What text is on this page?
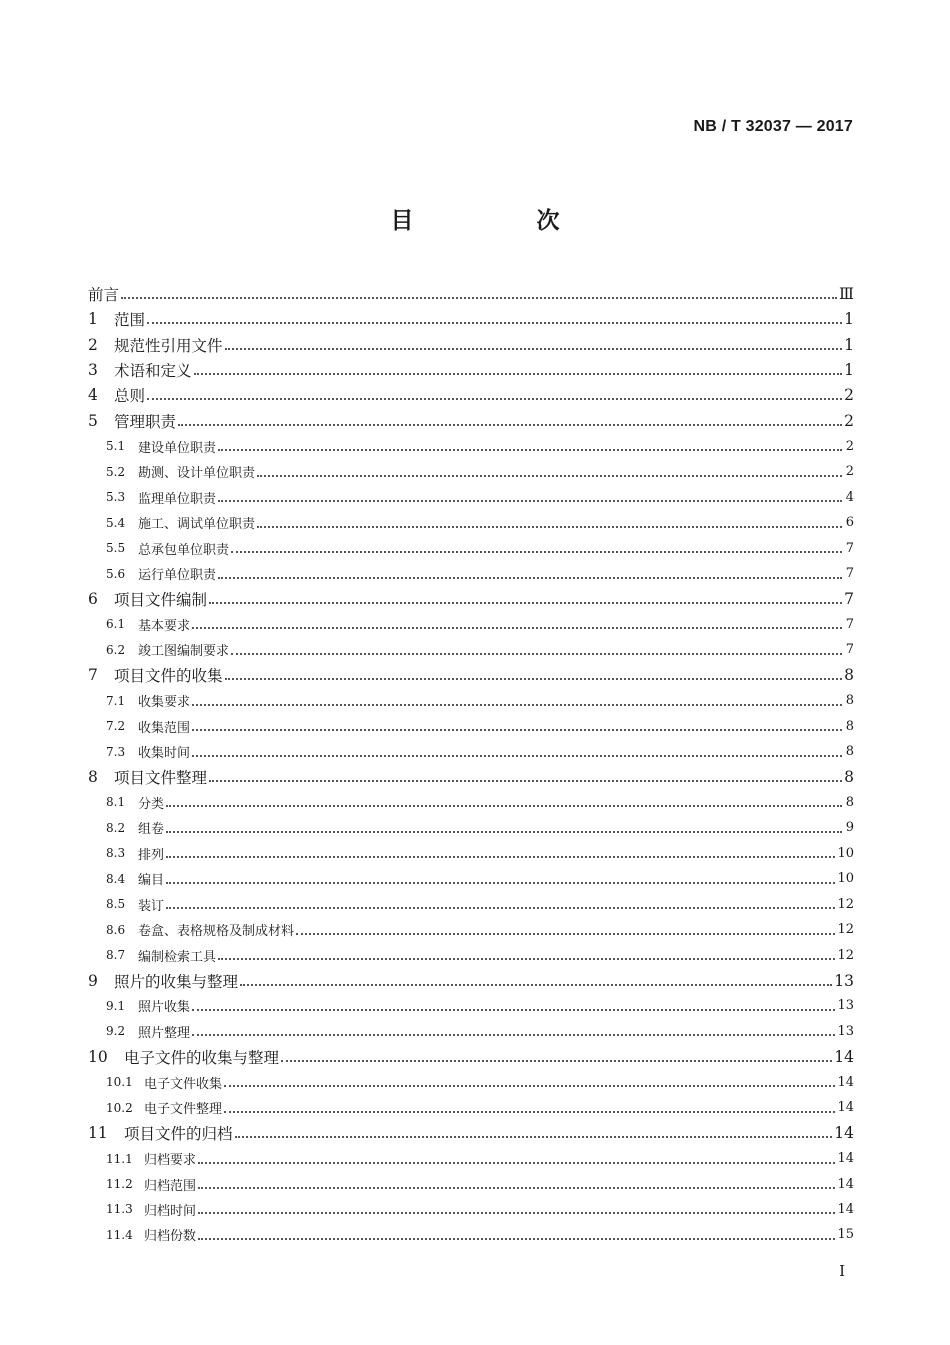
NB / T 32037 — 2017
目　次
前言	Ⅲ
1	范围	1
2	规范性引用文件	1
3	术语和定义	1
4	总则	2
5	管理职责	2
5.1 建设单位职责	2
5.2 勘测、设计单位职责	2
5.3 监理单位职责	4
5.4 施工、调试单位职责	6
5.5 总承包单位职责	7
5.6 运行单位职责	7
6	项目文件编制	7
6.1 基本要求	7
6.2 竣工图编制要求	7
7	项目文件的收集	8
7.1 收集要求	8
7.2 收集范围	8
7.3 收集时间	8
8	项目文件整理	8
8.1 分类	8
8.2 组卷	9
8.3 排列	10
8.4 编目	10
8.5 装订	12
8.6 卷盒、表格规格及制成材料	12
8.7 编制检索工具	12
9	照片的收集与整理	13
9.1 照片收集	13
9.2 照片整理	13
10	电子文件的收集与整理	14
10.1 电子文件收集	14
10.2 电子文件整理	14
11	项目文件的归档	14
11.1 归档要求	14
11.2 归档范围	14
11.3 归档时间	14
11.4 归档份数	15
I
